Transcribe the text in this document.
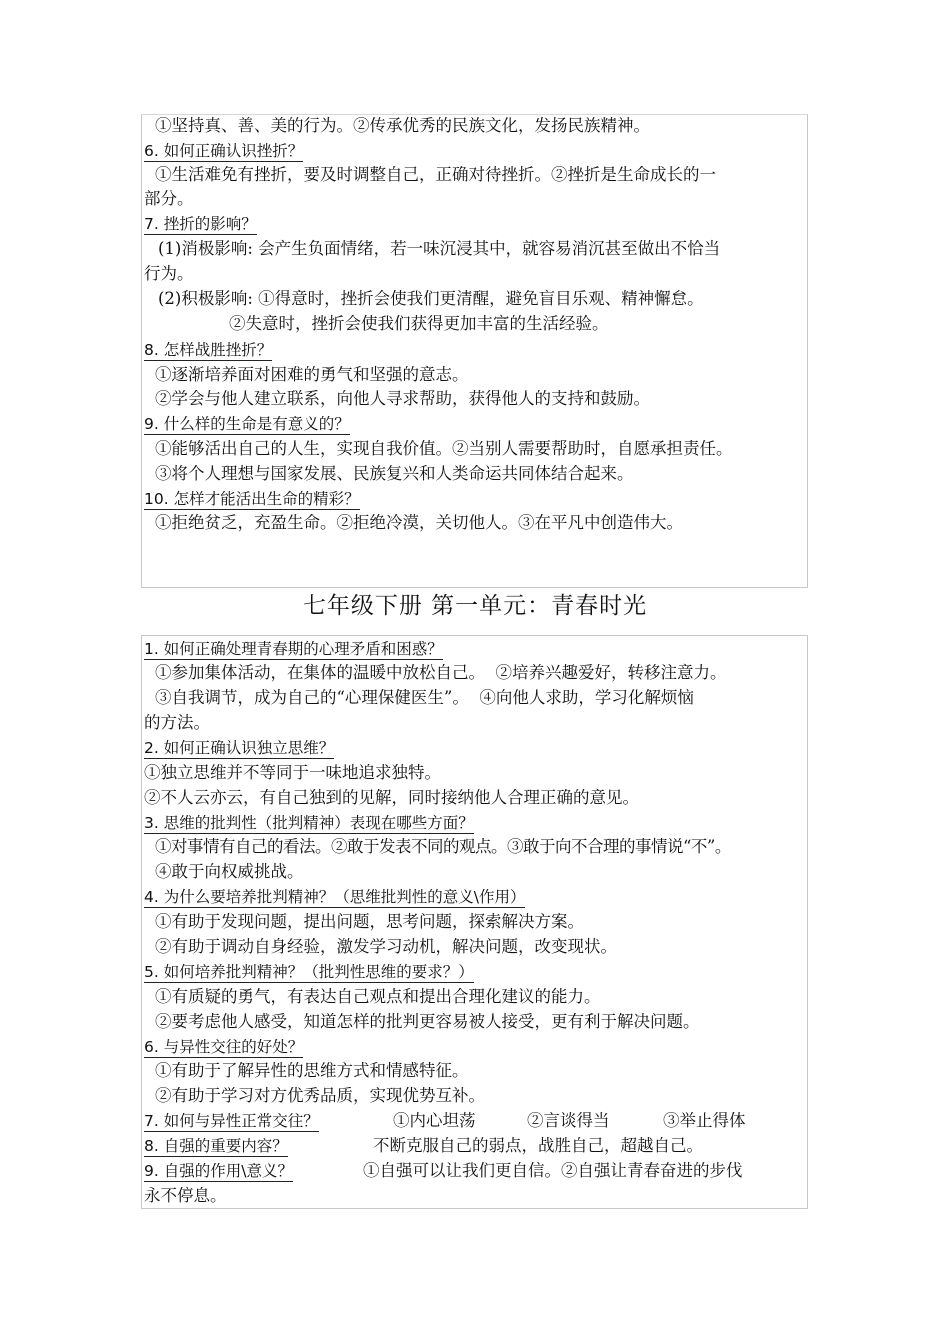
①坚持真、善、美的行为。②传承优秀的民族文化，发扬民族精神。
6. 如何正确认识挫折？
①生活难免有挫折，要及时调整自己，正确对待挫折。②挫折是生命成长的一
部分。
7. 挫折的影响？
(1)消极影响: 会产生负面情绪，若一味沉浸其中，就容易消沉甚至做出不恰当
行为。
(2)积极影响: ①得意时，挫折会使我们更清醒，避免盲目乐观、精神懈怠。
②失意时，挫折会使我们获得更加丰富的生活经验。
8. 怎样战胜挫折？
①逐渐培养面对困难的勇气和坚强的意志。
②学会与他人建立联系，向他人寻求帮助，获得他人的支持和鼓励。
9. 什么样的生命是有意义的？
①能够活出自己的人生，实现自我价值。②当别人需要帮助时，自愿承担责任。
③将个人理想与国家发展、民族复兴和人类命运共同体结合起来。
10. 怎样才能活出生命的精彩？
①拒绝贫乏，充盈生命。②拒绝冷漠，关切他人。③在平凡中创造伟大。
七年级下册 第一单元：青春时光
1. 如何正确处理青春期的心理矛盾和困惑？
①参加集体活动，在集体的温暖中放松自己。  ②培养兴趣爱好，转移注意力。
③自我调节，成为自己的“心理保健医生”。  ④向他人求助，学习化解烦恼
的方法。
2. 如何正确认识独立思维？
①独立思维并不等同于一味地追求独特。
②不人云亦云，有自己独到的见解，同时接纳他人合理正确的意见。
3. 思维的批判性（批判精神）表现在哪些方面？
①对事情有自己的看法。②敢于发表不同的观点。③敢于向不合理的事情说“不”。
④敢于向权威挑战。
4. 为什么要培养批判精神？（思维批判性的意义\作用）
①有助于发现问题，提出问题，思考问题，探索解决方案。
②有助于调动自身经验，激发学习动机，解决问题，改变现状。
5. 如何培养批判精神？（批判性思维的要求？）
①有质疑的勇气，有表达自己观点和提出合理化建议的能力。
②要考虑他人感受，知道怎样的批判更容易被人接受，更有利于解决问题。
6. 与异性交往的好处？
①有助于了解异性的思维方式和情感特征。
②有助于学习对方优秀品质，实现优势互补。
7. 如何与异性正常交往？	①内心坦荡	②言谈得当	③举止得体
8. 自强的重要内容？	不断克服自己的弱点，战胜自己，超越自己。
9. 自强的作用\意义？	①自强可以让我们更自信。②自强让青春奋进的步伐
永不停息。
